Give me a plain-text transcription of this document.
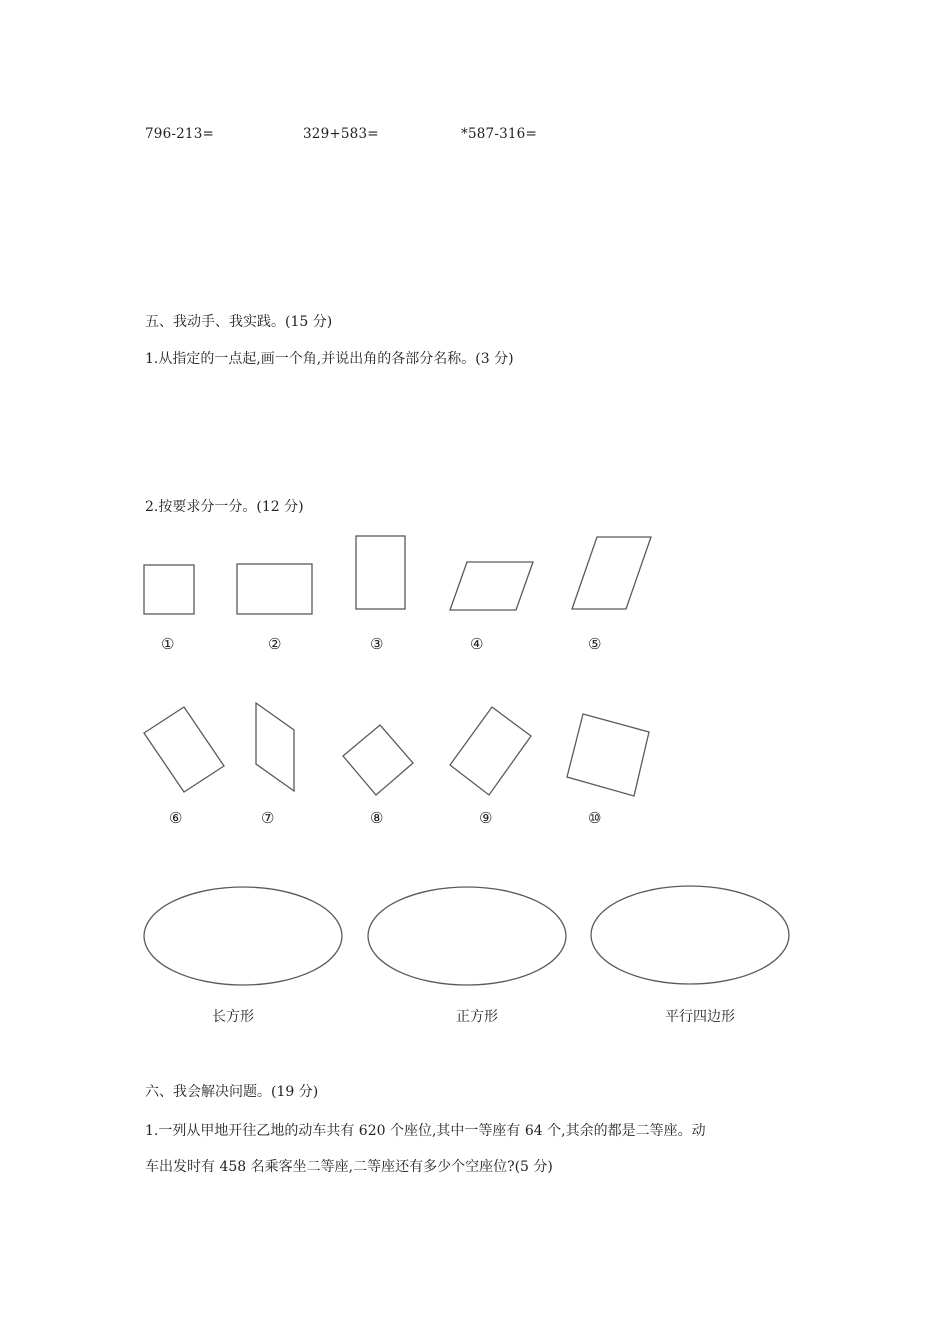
796-213=	329+583=	*587-316=
五、我动手、我实践。(15 分)
1.从指定的一点起,画一个角,并说出角的各部分名称。(3 分)
2.按要求分一分。(12 分)
①	②	③	④	⑤
⑥	⑦	⑧	⑨	⑩
长方形	正方形	平行四边形
六、我会解决问题。(19 分)
1.一列从甲地开往乙地的动车共有 620 个座位,其中一等座有 64 个,其余的都是二等座。动
车出发时有 458 名乘客坐二等座,二等座还有多少个空座位?(5 分)
